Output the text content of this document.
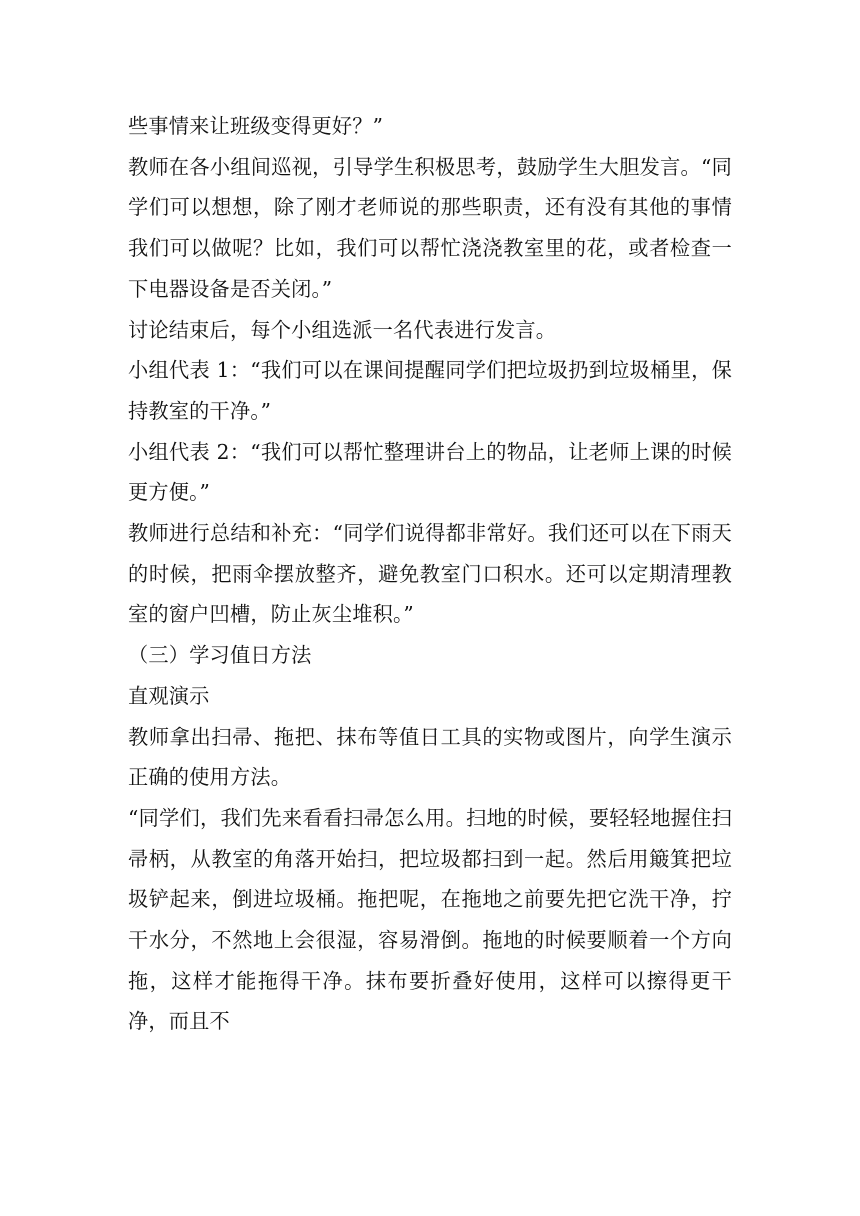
些事情来让班级变得更好？”

教师在各小组间巡视，引导学生积极思考，鼓励学生大胆发言。“同学们可以想想，除了刚才老师说的那些职责，还有没有其他的事情我们可以做呢？比如，我们可以帮忙浇浇教室里的花，或者检查一下电器设备是否关闭。”

讨论结束后，每个小组选派一名代表进行发言。

小组代表 1：“我们可以在课间提醒同学们把垃圾扔到垃圾桶里，保持教室的干净。”

小组代表 2：“我们可以帮忙整理讲台上的物品，让老师上课的时候更方便。”

教师进行总结和补充：“同学们说得都非常好。我们还可以在下雨天的时候，把雨伞摆放整齐，避免教室门口积水。还可以定期清理教室的窗户凹槽，防止灰尘堆积。”

（三）学习值日方法

直观演示

教师拿出扫帚、拖把、抹布等值日工具的实物或图片，向学生演示正确的使用方法。

“同学们，我们先来看看扫帚怎么用。扫地的时候，要轻轻地握住扫帚柄，从教室的角落开始扫，把垃圾都扫到一起。然后用簸箕把垃圾铲起来，倒进垃圾桶。拖把呢，在拖地之前要先把它洗干净，拧干水分，不然地上会很湿，容易滑倒。拖地的时候要顺着一个方向拖，这样才能拖得干净。抹布要折叠好使用，这样可以擦得更干净，而且不
